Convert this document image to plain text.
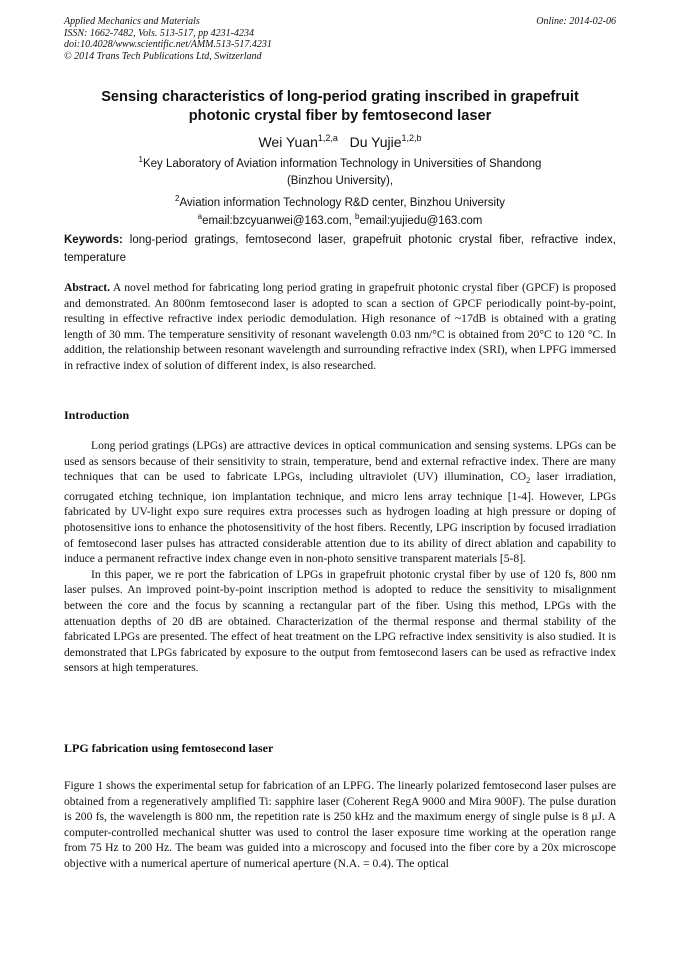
Applied Mechanics and Materials
ISSN: 1662-7482, Vols. 513-517, pp 4231-4234
doi:10.4028/www.scientific.net/AMM.513-517.4231
© 2014 Trans Tech Publications Ltd, Switzerland
Online: 2014-02-06
Sensing characteristics of long-period grating inscribed in grapefruit
photonic crystal fiber by femtosecond laser
Wei Yuan$^{1,2,a}$ Du Yujie$^{1,2,b}$
$^1$Key Laboratory of Aviation information Technology in Universities of Shandong
(Binzhou University),
$^2$Aviation information Technology R&D center, Binzhou University
$^a$email:bzcyuanwei@163.com, $^b$email:yujiedu@163.com
Keywords: long-period gratings, femtosecond laser, grapefruit photonic crystal fiber, refractive index, temperature

Abstract. A novel method for fabricating long period grating in grapefruit photonic crystal fiber (GPCF) is proposed and demonstrated. An 800nm femtosecond laser is adopted to scan a section of GPCF periodically point-by-point, resulting in effective refractive index periodic demodulation. High resonance of ~17dB is obtained with a grating length of 30 mm. The temperature sensitivity of resonant wavelength 0.03 nm/°C is obtained from 20°C to 120 °C. In addition, the relationship between resonant wavelength and surrounding refractive index (SRI), when LPFG immersed in refractive index of solution of different index, is also researched.

Introduction

Long period gratings (LPGs) are attractive devices in optical communication and sensing systems. LPGs can be used as sensors because of their sensitivity to strain, temperature, bend and external refractive index. There are many techniques that can be used to fabricate LPGs, including ultraviolet (UV) illumination, $CO_2$ laser irradiation, corrugated etching technique, ion implantation technique, and micro lens array technique [1-4]. However, LPGs fabricated by UV-light expo sure requires extra processes such as hydrogen loading at high pressure or doping of photosensitive ions to enhance the photosensitivity of the host fibers. Recently, LPG inscription by focused irradiation of femtosecond laser pulses has attracted considerable attention due to its ability of direct ablation and capability to induce a permanent refractive index change even in non-photo sensitive transparent materials [5-8].

In this paper, we re port the fabrication of LPGs in grapefruit photonic crystal fiber by use of 120 fs, 800 nm laser pulses. An improved point-by-point inscription method is adopted to reduce the sensitivity to misalignment between the core and the focus by scanning a rectangular part of the fiber. Using this method, LPGs with the attenuation depths of 20 dB are obtained. Characterization of the thermal response and thermal stability of the fabricated LPGs are presented. The effect of heat treatment on the LPG refractive index sensitivity is also studied. It is demonstrated that LPGs fabricated by exposure to the output from femtosecond lasers can be used as refractive index sensors at high temperatures.

LPG fabrication using femtosecond laser

Figure 1 shows the experimental setup for fabrication of an LPFG. The linearly polarized femtosecond laser pulses are obtained from a regeneratively amplified Ti: sapphire laser (Coherent RegA 9000 and Mira 900F). The pulse duration is 200 fs, the wavelength is 800 nm, the repetition rate is 250 kHz and the maximum energy of single pulse is 8 μJ. A computer-controlled mechanical shutter was used to control the laser exposure time working at the operation range from 75 Hz to 200 Hz. The beam was guided into a microscopy and focused into the fiber core by a 20x microscope objective with a numerical aperture of numerical aperture (N.A. = 0.4). The optical
